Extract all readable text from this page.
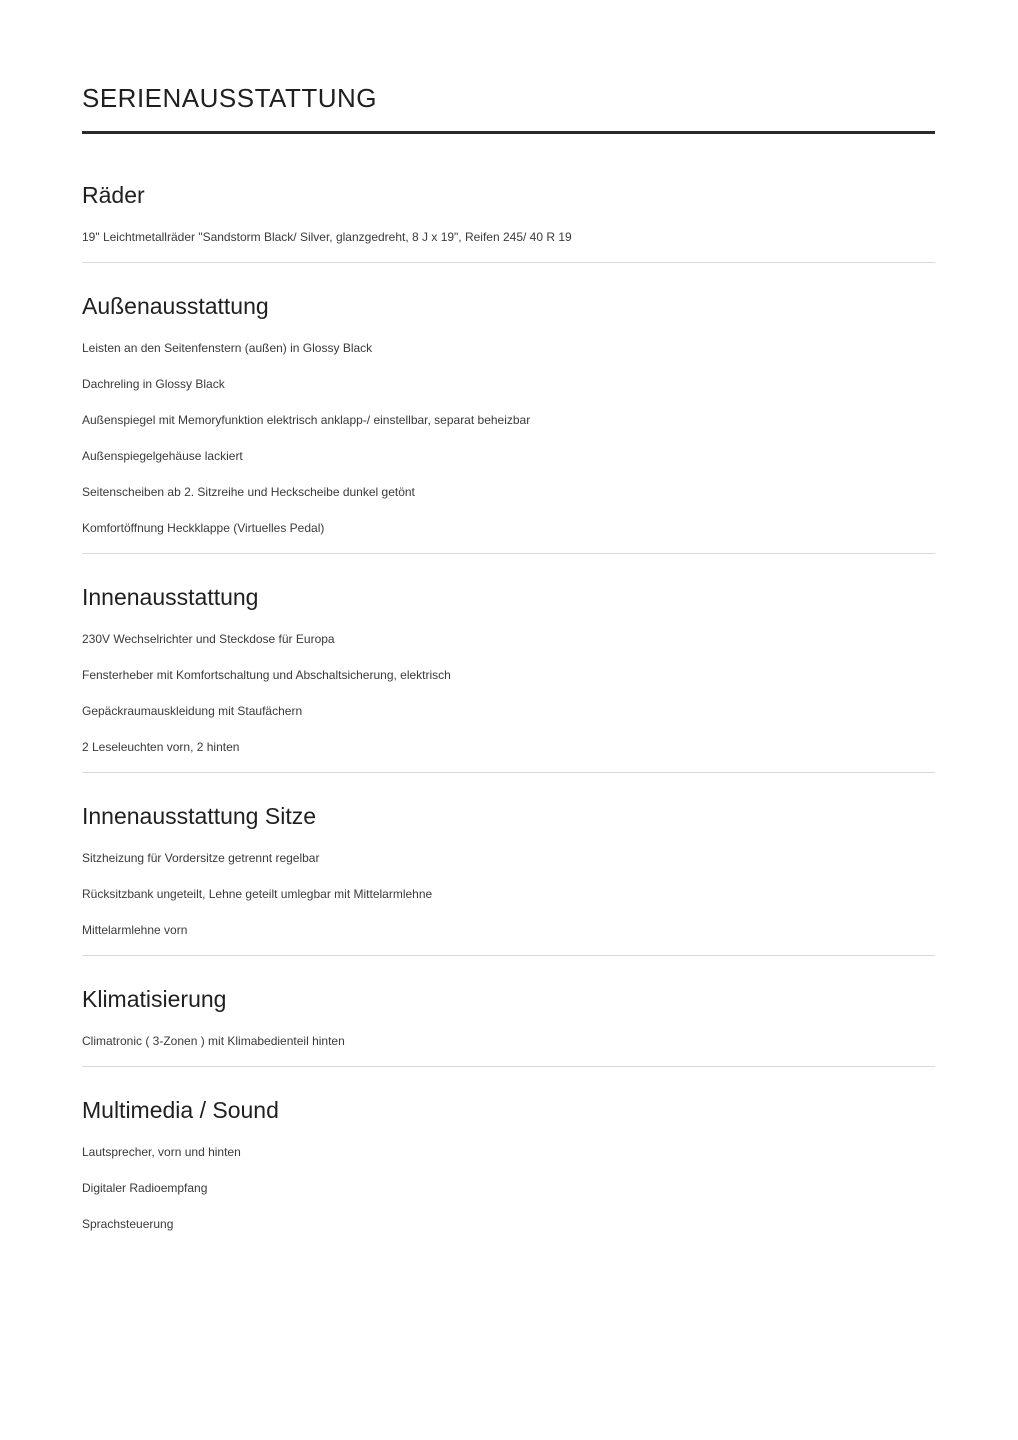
SERIENAUSSTATTUNG
Räder
19" Leichtmetallräder "Sandstorm Black/ Silver, glanzgedreht, 8 J x 19", Reifen 245/ 40 R 19
Außenausstattung
Leisten an den Seitenfenstern (außen) in Glossy Black
Dachreling in Glossy Black
Außenspiegel mit Memoryfunktion elektrisch anklapp-/ einstellbar, separat beheizbar
Außenspiegelgehäuse lackiert
Seitenscheiben ab 2. Sitzreihe und Heckscheibe dunkel getönt
Komfortöffnung Heckklappe (Virtuelles Pedal)
Innenausstattung
230V Wechselrichter und Steckdose für Europa
Fensterheber mit Komfortschaltung und Abschaltsicherung, elektrisch
Gepäckraumauskleidung mit Staufächern
2 Leseleuchten vorn, 2 hinten
Innenausstattung Sitze
Sitzheizung für Vordersitze getrennt regelbar
Rücksitzbank ungeteilt, Lehne geteilt umlegbar mit Mittelarmlehne
Mittelarmlehne vorn
Klimatisierung
Climatronic ( 3-Zonen ) mit Klimabedienteil hinten
Multimedia / Sound
Lautsprecher, vorn und hinten
Digitaler Radioempfang
Sprachsteuerung
